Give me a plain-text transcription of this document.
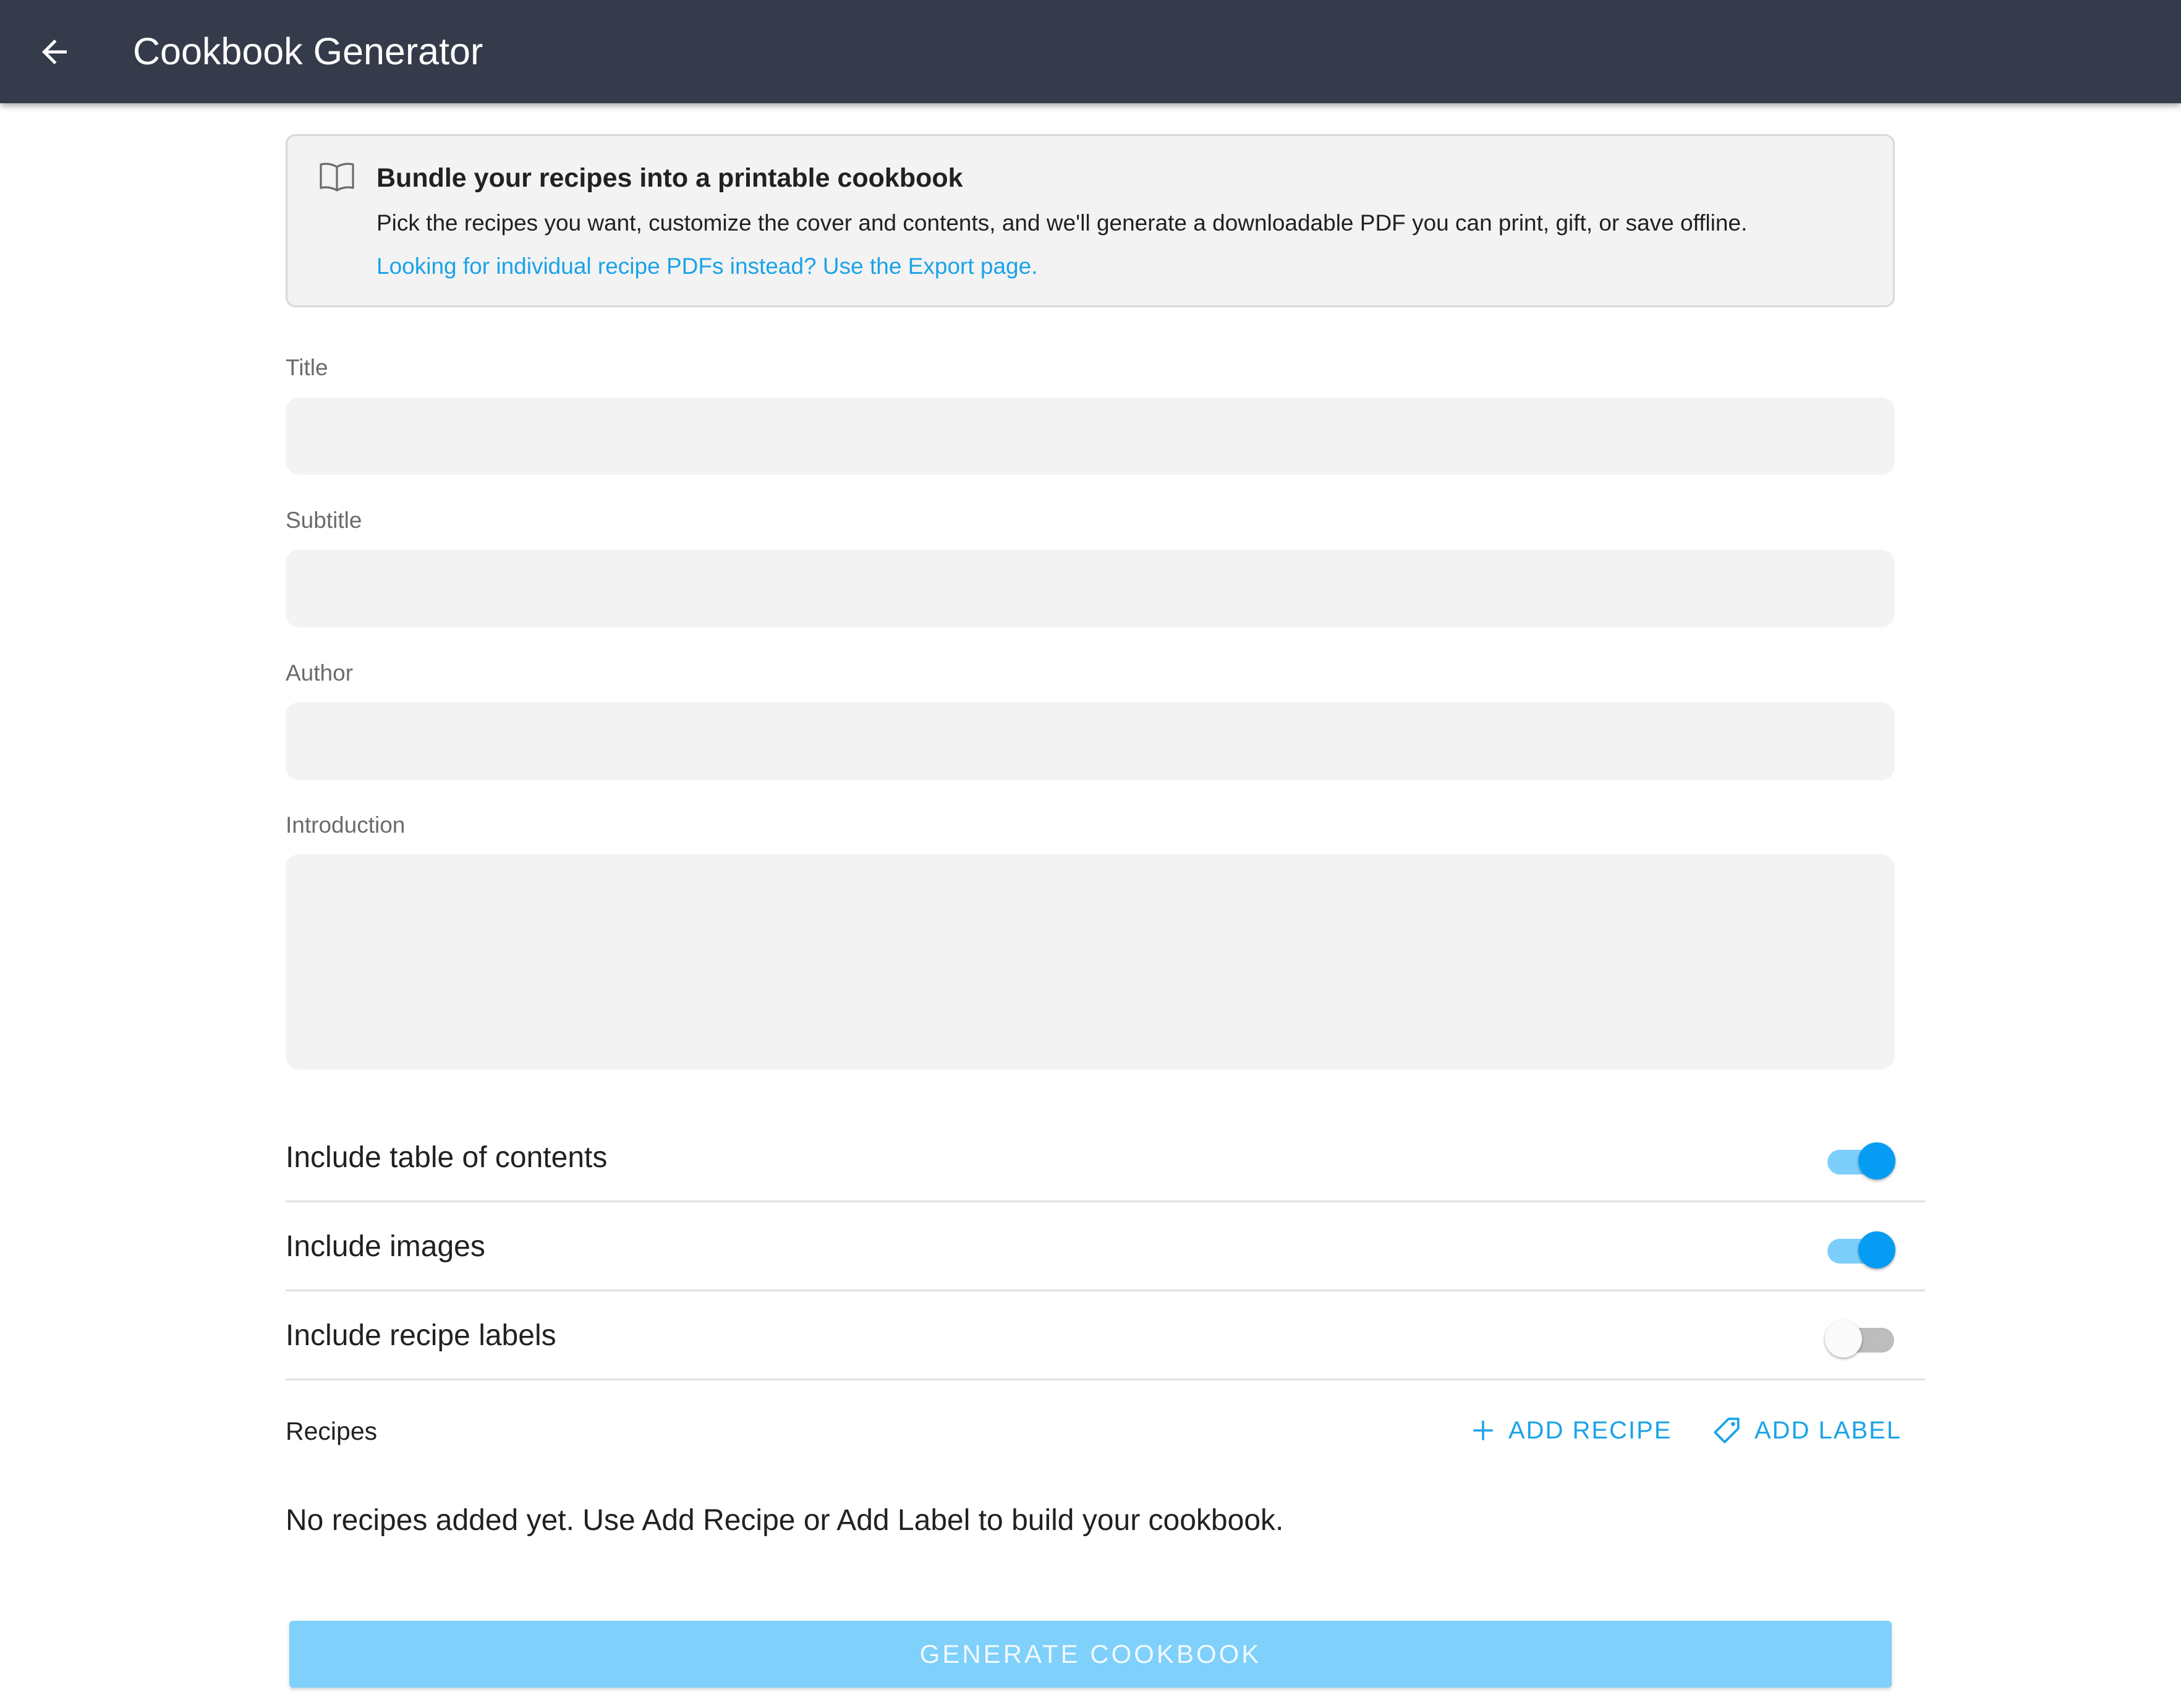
Cookbook Generator
Bundle your recipes into a printable cookbook
Pick the recipes you want, customize the cover and contents, and we'll generate a downloadable PDF you can print, gift, or save offline.
Looking for individual recipe PDFs instead? Use the Export page.
Title
Subtitle
Author
Introduction
Include table of contents
Include images
Include recipe labels
Recipes	ADD RECIPE	ADD LABEL
No recipes added yet. Use Add Recipe or Add Label to build your cookbook.
GENERATE COOKBOOK
